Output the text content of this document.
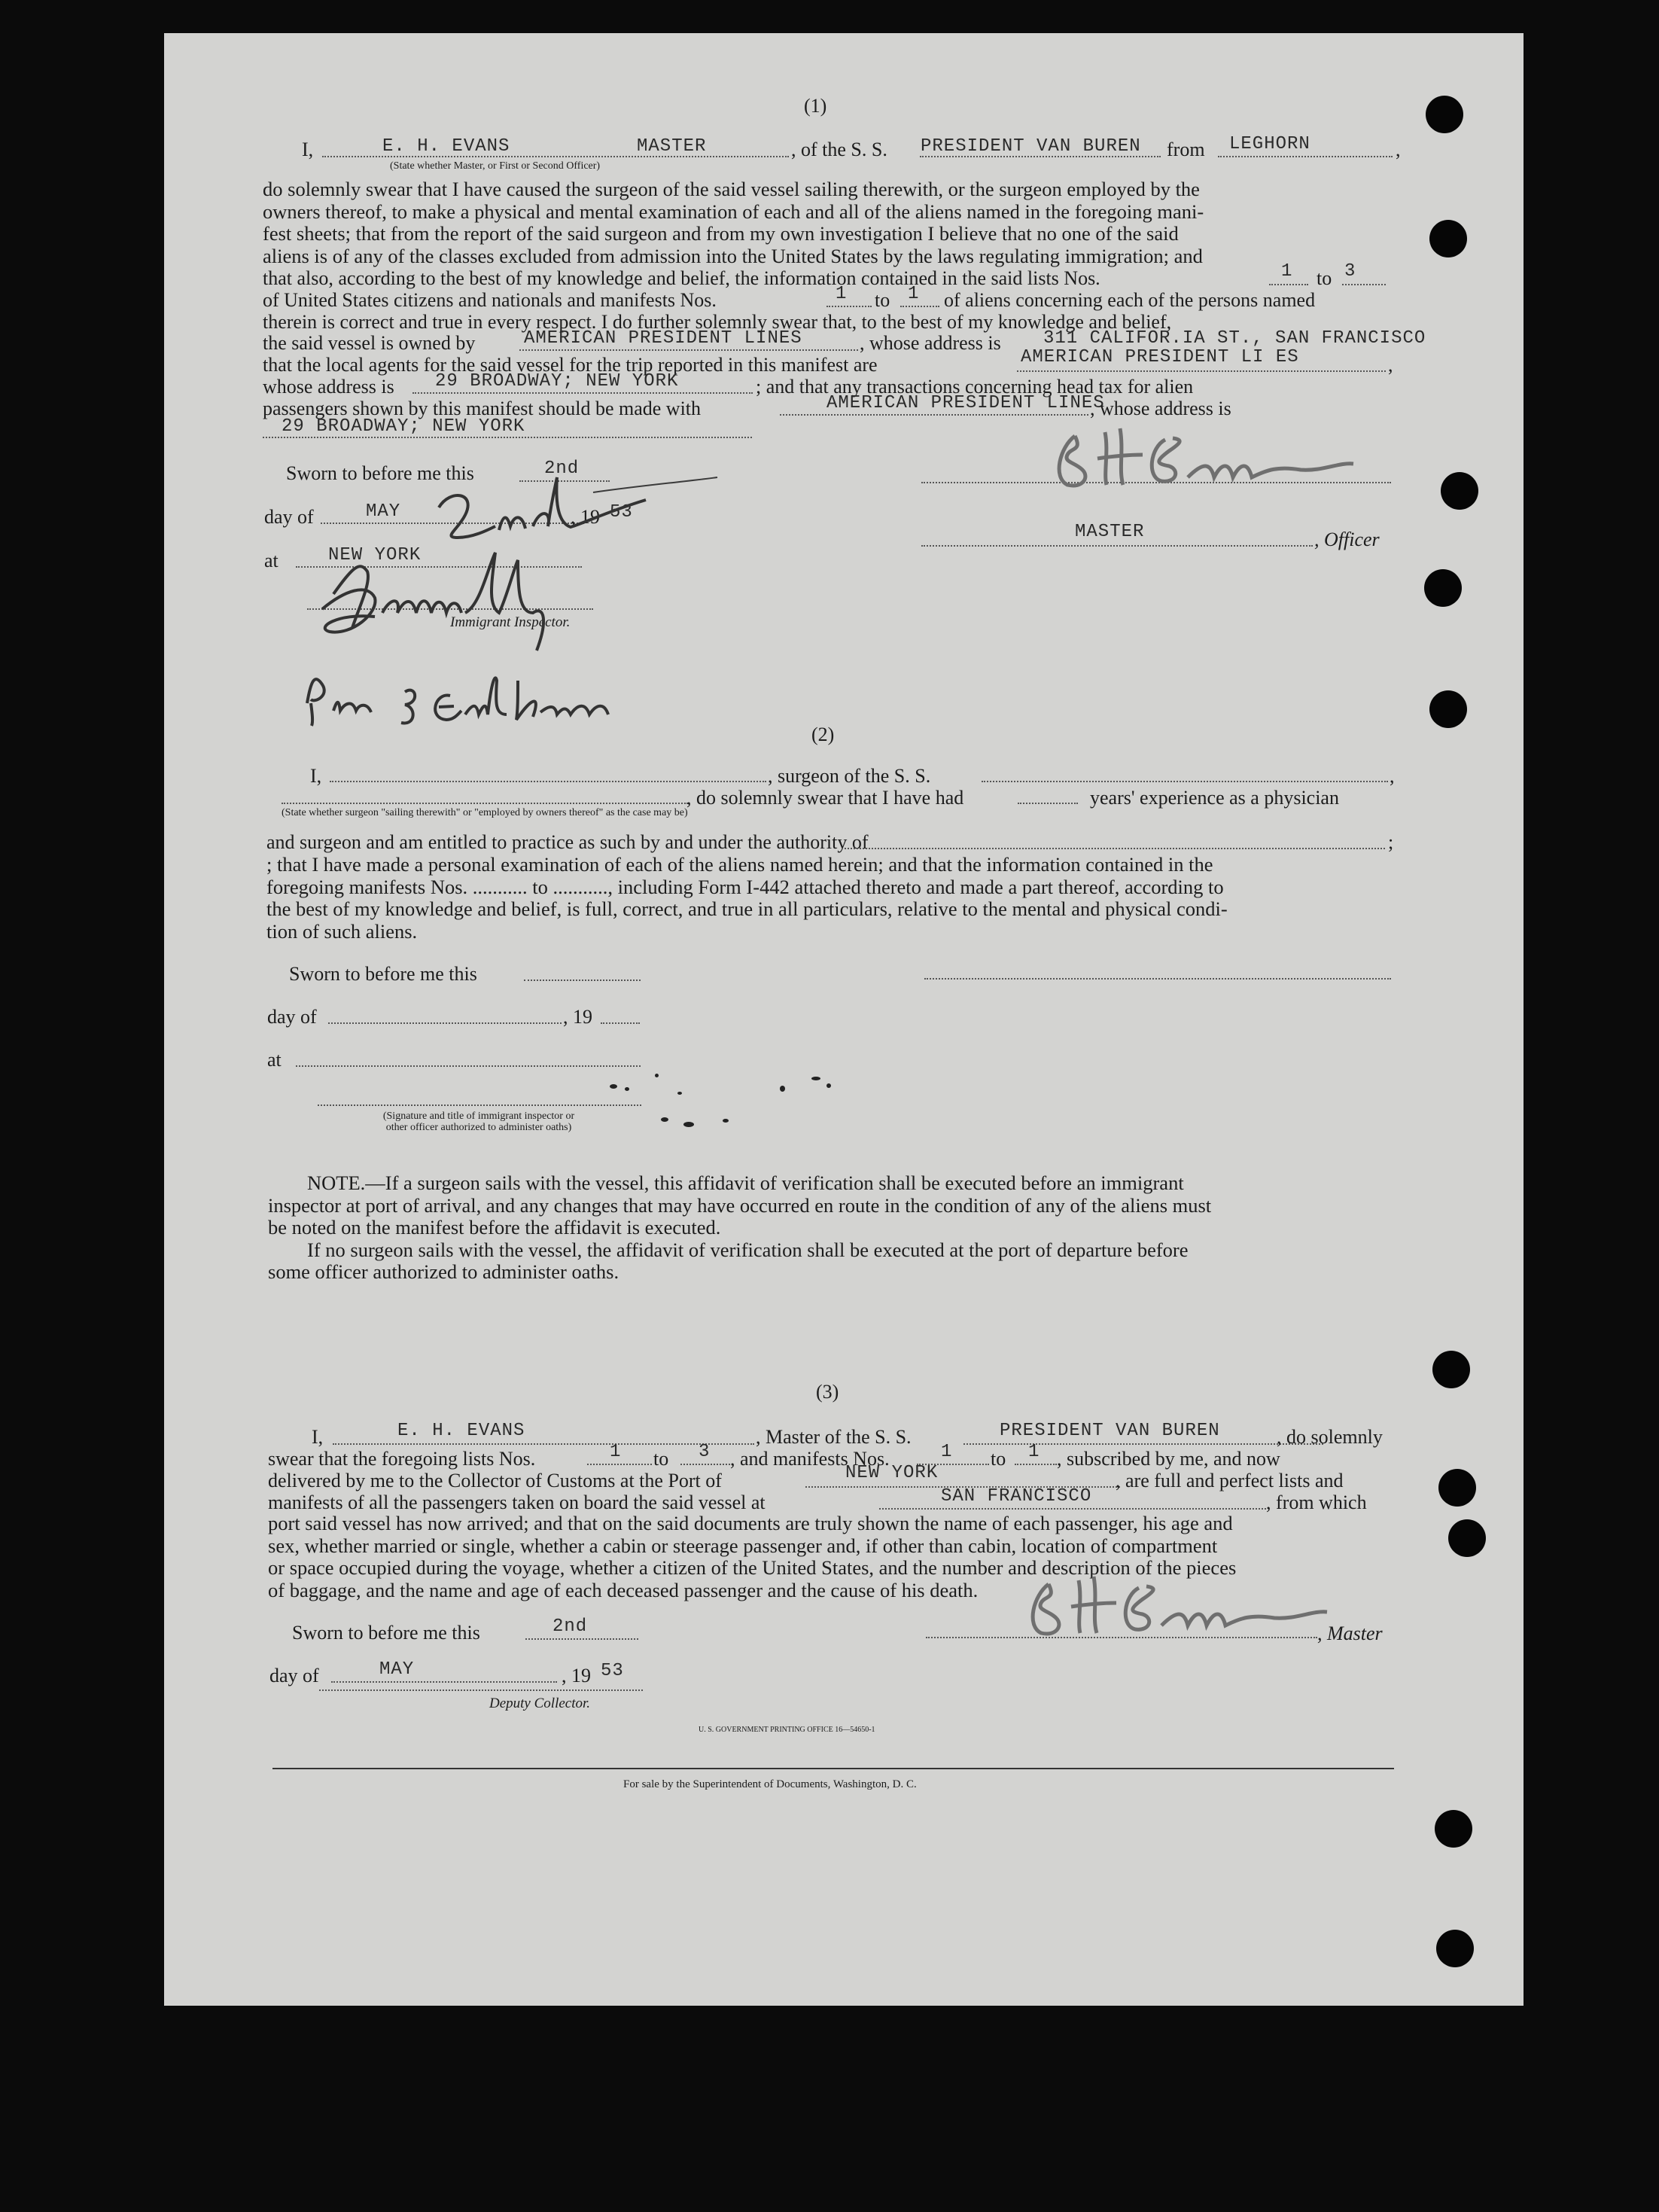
(1)
I,	E. H. EVANS	MASTER
(State whether Master, or First or Second Officer)
, of the S. S. PRESIDENT VAN BUREN from LEGHORN	,
do solemnly swear that I have caused the surgeon of the said vessel sailing therewith, or the surgeon employed by the
owners thereof, to make a physical and mental examination of each and all of the aliens named in the foregoing mani-
fest sheets; that from the report of the said surgeon and from my own investigation I believe that no one of the said
aliens is of any of the classes excluded from admission into the United States by the laws regulating immigration; and
that also, according to the best of my knowledge and belief, the information contained in the said lists Nos.	1 to 3
of United States citizens and nationals and manifests Nos.	1 to 1 of aliens concerning each of the persons named
therein is correct and true in every respect. I do further solemnly swear that, to the best of my knowledge and belief,
the said vessel is owned by	AMERICAN PRESIDENT LINES	, whose address is 311 CALIFOR.IA ST., SAN FRANCISCO
that the local agents for the said vessel for the trip reported in this manifest are	AMERICAN PRESIDENT LI ES	,
whose address is 29 BROADWAY; NEW YORK	; and that any transactions concerning head tax for alien
passengers shown by this manifest should be made with	AMERICAN PRESIDENT LINES
, whose address is
29 BROADWAY; NEW YORK
Sworn to before me this	2nd
day of	MAY	, 19 53
at	NEW YORK
Immigrant Inspector.
MASTER	, Officer
(2)
I,	, surgeon of the S. S.	,
, do solemnly swear that I have had	years' experience as a physician
(State whether surgeon "sailing therewith" or "employed by owners thereof" as the case may be)
and surgeon and am entitled to practice as such by and under the authority of	;
; that I have made a personal examination of each of the aliens named herein; and that the information contained in the
foregoing manifests Nos. ........... to ..........., including Form I-442 attached thereto and made a part thereof, according to
the best of my knowledge and belief, is full, correct, and true in all particulars, relative to the mental and physical condi-
tion of such aliens.
Sworn to before me this
day of	, 19
at
(Signature and title of immigrant inspector or
other officer authorized to administer oaths)
NOTE.—If a surgeon sails with the vessel, this affidavit of verification shall be executed before an immigrant
inspector at port of arrival, and any changes that may have occurred en route in the condition of any of the aliens must
be noted on the manifest before the affidavit is executed.
If no surgeon sails with the vessel, the affidavit of verification shall be executed at the port of departure before
some officer authorized to administer oaths.
(3)
I,	E. H. EVANS	, Master of the S. S.	PRESIDENT VAN BUREN	, do solemnly
swear that the foregoing lists Nos.	1 to 3 , and manifests Nos.	1 to 1 , subscribed by me, and now
delivered by me to the Collector of Customs at the Port of	NEW YORK	, are full and perfect lists and
manifests of all the passengers taken on board the said vessel at	SAN FRANCISCO	, from which
port said vessel has now arrived; and that on the said documents are truly shown the name of each passenger, his age and
sex, whether married or single, whether a cabin or steerage passenger and, if other than cabin, location of compartment
or space occupied during the voyage, whether a citizen of the United States, and the number and description of the pieces
of baggage, and the name and age of each deceased passenger and the cause of his death.
Sworn to before me this	2nd	, Master
day of	MAY	, 19 53
Deputy Collector.
U. S. GOVERNMENT PRINTING OFFICE 16—54650-1
For sale by the Superintendent of Documents, Washington, D. C.
